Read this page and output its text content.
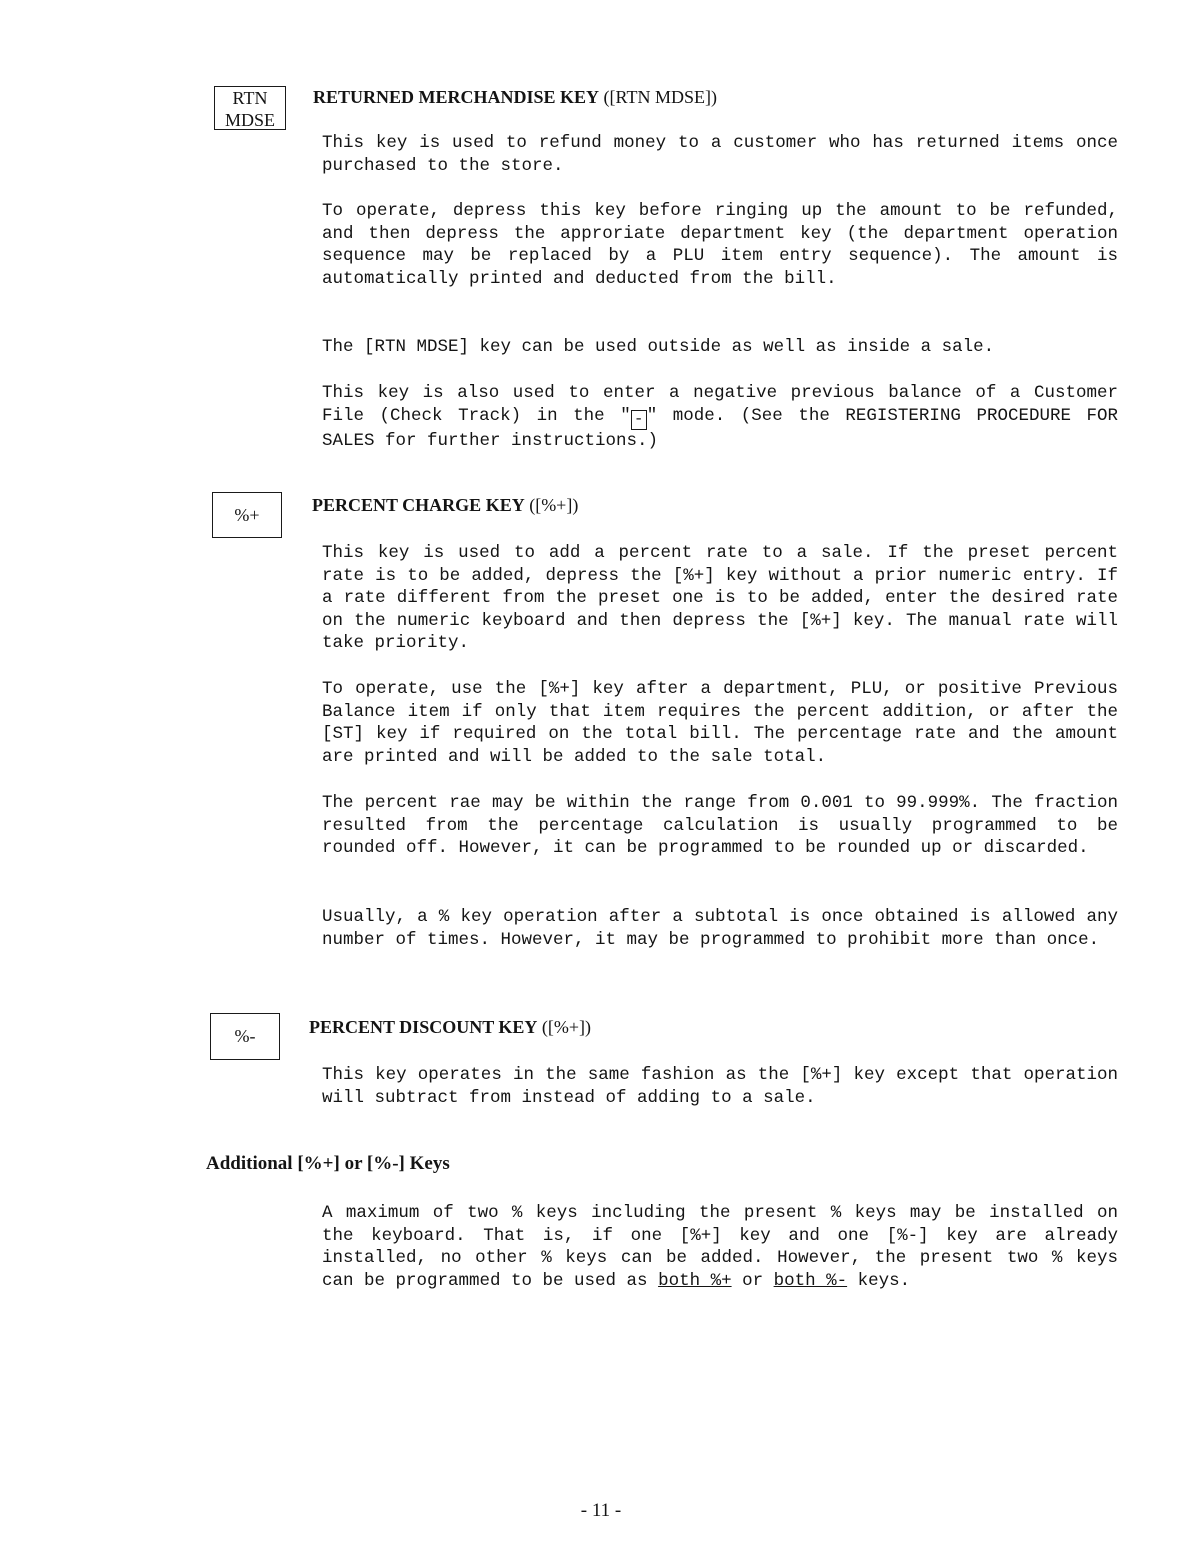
RTN
MDSE
RETURNED MERCHANDISE KEY ([RTN MDSE])

This key is used to refund money to a customer who has returned items once purchased to the store.

To operate, depress this key before ringing up the amount to be refunded, and then depress the approriate department key (the department operation sequence may be replaced by a PLU item entry sequence). The amount is automatically printed and deducted from the bill.

The [RTN MDSE] key can be used outside as well as inside a sale.

This key is also used to enter a negative previous balance of a Customer File (Check Track) in the " - " mode. (See the REGISTERING PROCEDURE FOR SALES for further instructions.)

%+	PERCENT CHARGE KEY ([%+])

This key is used to add a percent rate to a sale. If the preset percent rate is to be added, depress the [%+] key without a prior numeric entry. If a rate different from the preset one is to be added, enter the desired rate on the numeric keyboard and then depress the [%+] key. The manual rate will take priority.

To operate, use the [%+] key after a department, PLU, or positive Previous Balance item if only that item requires the percent addition, or after the [ST] key if required on the total bill. The percentage rate and the amount are printed and will be added to the sale total.

The percent rae may be within the range from 0.001 to 99.999%. The fraction resulted from the percentage calculation is usually programmed to be rounded off. However, it can be programmed to be rounded up or discarded.

Usually, a % key operation after a subtotal is once obtained is allowed any number of times. However, it may be programmed to prohibit more than once.

%-	PERCENT DISCOUNT KEY ([%+])

This key operates in the same fashion as the [%+] key except that operation will subtract from instead of adding to a sale.

Additional [%+] or [%-] Keys

A maximum of two % keys including the present % keys may be installed on the keyboard. That is, if one [%+] key and one [%-] key are already installed, no other % keys can be added. However, the present two % keys can be programmed to be used as both %+ or both %- keys.

- 11 -
